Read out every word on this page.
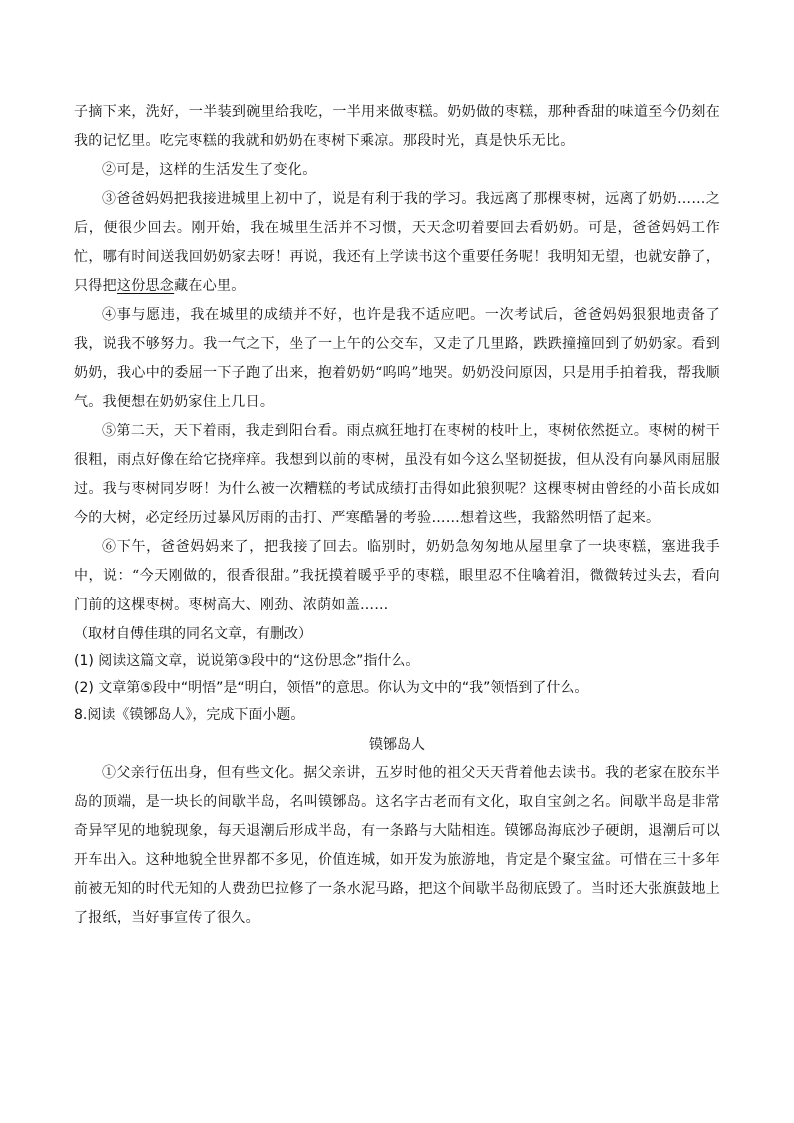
子摘下来，洗好，一半装到碗里给我吃，一半用来做枣糕。奶奶做的枣糕，那种香甜的味道至今仍刻在我的记忆里。吃完枣糕的我就和奶奶在枣树下乘凉。那段时光，真是快乐无比。

②可是，这样的生活发生了变化。

③爸爸妈妈把我接进城里上初中了，说是有利于我的学习。我远离了那棵枣树，远离了奶奶……之后，便很少回去。刚开始，我在城里生活并不习惯，天天念叨着要回去看奶奶。可是，爸爸妈妈工作忙，哪有时间送我回奶奶家去呀！再说，我还有上学读书这个重要任务呢！我明知无望，也就安静了，只得把这份思念藏在心里。

④事与愿违，我在城里的成绩并不好，也许是我不适应吧。一次考试后，爸爸妈妈狠狠地责备了我，说我不够努力。我一气之下，坐了一上午的公交车，又走了几里路，跌跌撞撞回到了奶奶家。看到奶奶，我心中的委屈一下子跑了出来，抱着奶奶“呜呜”地哭。奶奶没问原因，只是用手拍着我，帮我顺气。我便想在奶奶家住上几日。

⑤第二天，天下着雨，我走到阳台看。雨点疯狂地打在枣树的枝叶上，枣树依然挺立。枣树的树干很粗，雨点好像在给它挠痒痒。我想到以前的枣树，虽没有如今这么坚韧挺拔，但从没有向暴风雨屈服过。我与枣树同岁呀！为什么被一次糟糕的考试成绩打击得如此狼狈呢？这棵枣树由曾经的小苗长成如今的大树，必定经历过暴风厉雨的击打、严寒酷暑的考验……想着这些，我豁然明悟了起来。

⑥下午，爸爸妈妈来了，把我接了回去。临别时，奶奶急匆匆地从屋里拿了一块枣糕，塞进我手中，说：“今天刚做的，很香很甜。”我抚摸着暖乎乎的枣糕，眼里忍不住噙着泪，微微转过头去，看向门前的这棵枣树。枣树高大、刚劲、浓荫如盖……

（取材自傅佳琪的同名文章，有删改）

(1) 阅读这篇文章，说说第③段中的“这份思念”指什么。

(2) 文章第⑤段中“明悟”是“明白，领悟”的意思。你认为文中的“我”领悟到了什么。

8.阅读《镆铘岛人》，完成下面小题。

镆铘岛人

①父亲行伍出身，但有些文化。据父亲讲，五岁时他的祖父天天背着他去读书。我的老家在胶东半岛的顶端，是一块长的间歇半岛，名叫镆铘岛。这名字古老而有文化，取自宝剑之名。间歇半岛是非常奇异罕见的地貌现象，每天退潮后形成半岛，有一条路与大陆相连。镆铘岛海底沙子硬朗，退潮后可以开车出入。这种地貌全世界都不多见，价值连城，如开发为旅游地，肯定是个聚宝盆。可惜在三十多年前被无知的时代无知的人费劲巴拉修了一条水泥马路，把这个间歇半岛彻底毁了。当时还大张旗鼓地上了报纸，当好事宣传了很久。
